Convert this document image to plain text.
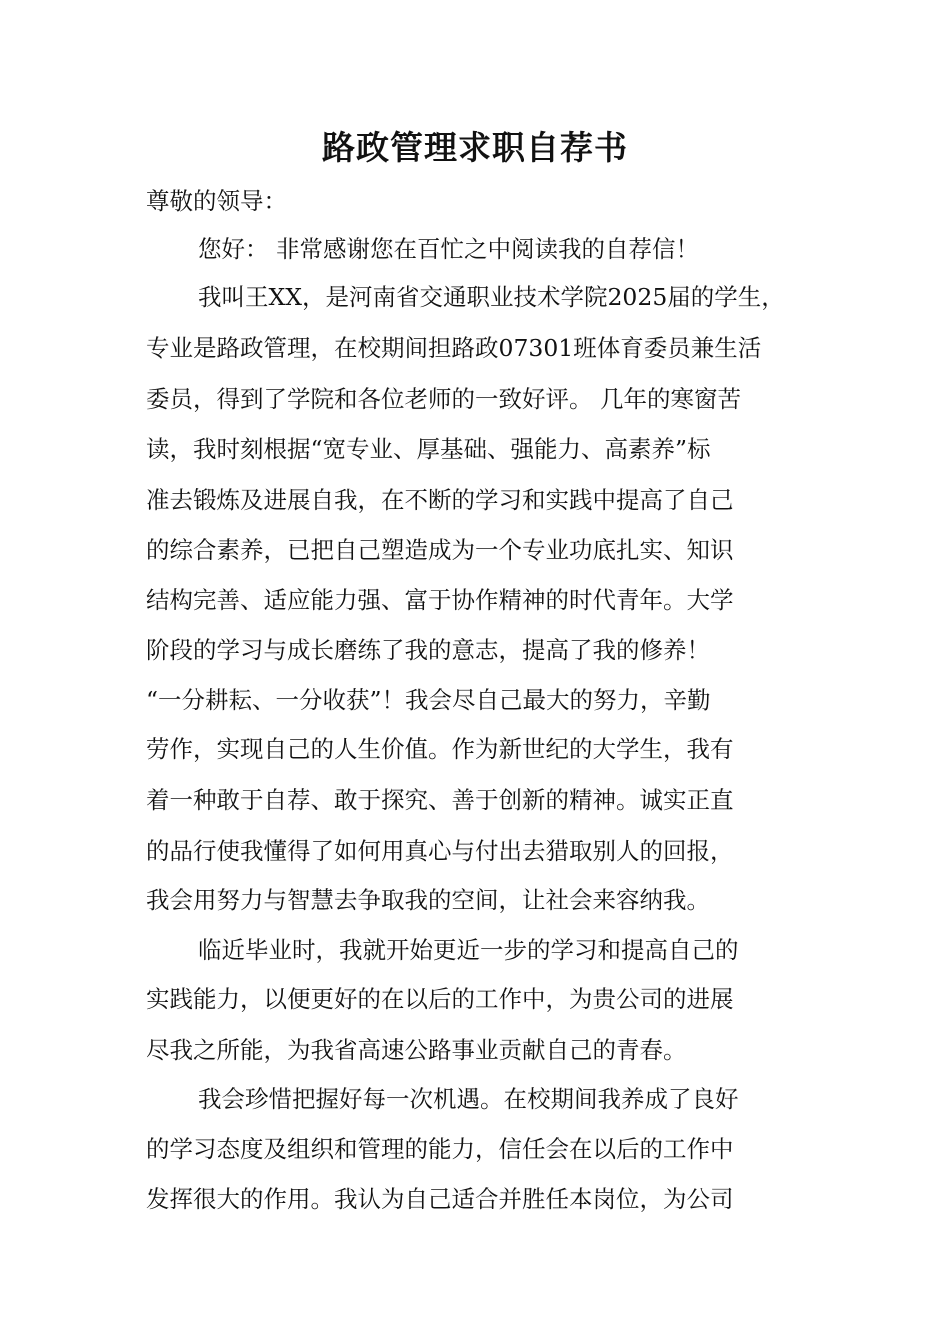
路政管理求职自荐书
尊敬的领导：
您好： 非常感谢您在百忙之中阅读我的自荐信！
我叫王XX，是河南省交通职业技术学院2025届的学生，
专业是路政管理，在校期间担路政07301班体育委员兼生活
委员，得到了学院和各位老师的一致好评。 几年的寒窗苦
读，我时刻根据“宽专业、厚基础、强能力、高素养”标
准去锻炼及进展自我，在不断的学习和实践中提高了自己
的综合素养，已把自己塑造成为一个专业功底扎实、知识
结构完善、适应能力强、富于协作精神的时代青年。大学
阶段的学习与成长磨练了我的意志，提高了我的修养！
“一分耕耘、一分收获”！我会尽自己最大的努力，辛勤
劳作，实现自己的人生价值。作为新世纪的大学生，我有
着一种敢于自荐、敢于探究、善于创新的精神。诚实正直
的品行使我懂得了如何用真心与付出去猎取别人的回报，
我会用努力与智慧去争取我的空间，让社会来容纳我。
临近毕业时，我就开始更近一步的学习和提高自己的
实践能力，以便更好的在以后的工作中，为贵公司的进展
尽我之所能，为我省高速公路事业贡献自己的青春。
我会珍惜把握好每一次机遇。在校期间我养成了良好
的学习态度及组织和管理的能力，信任会在以后的工作中
发挥很大的作用。我认为自己适合并胜任本岗位，为公司
